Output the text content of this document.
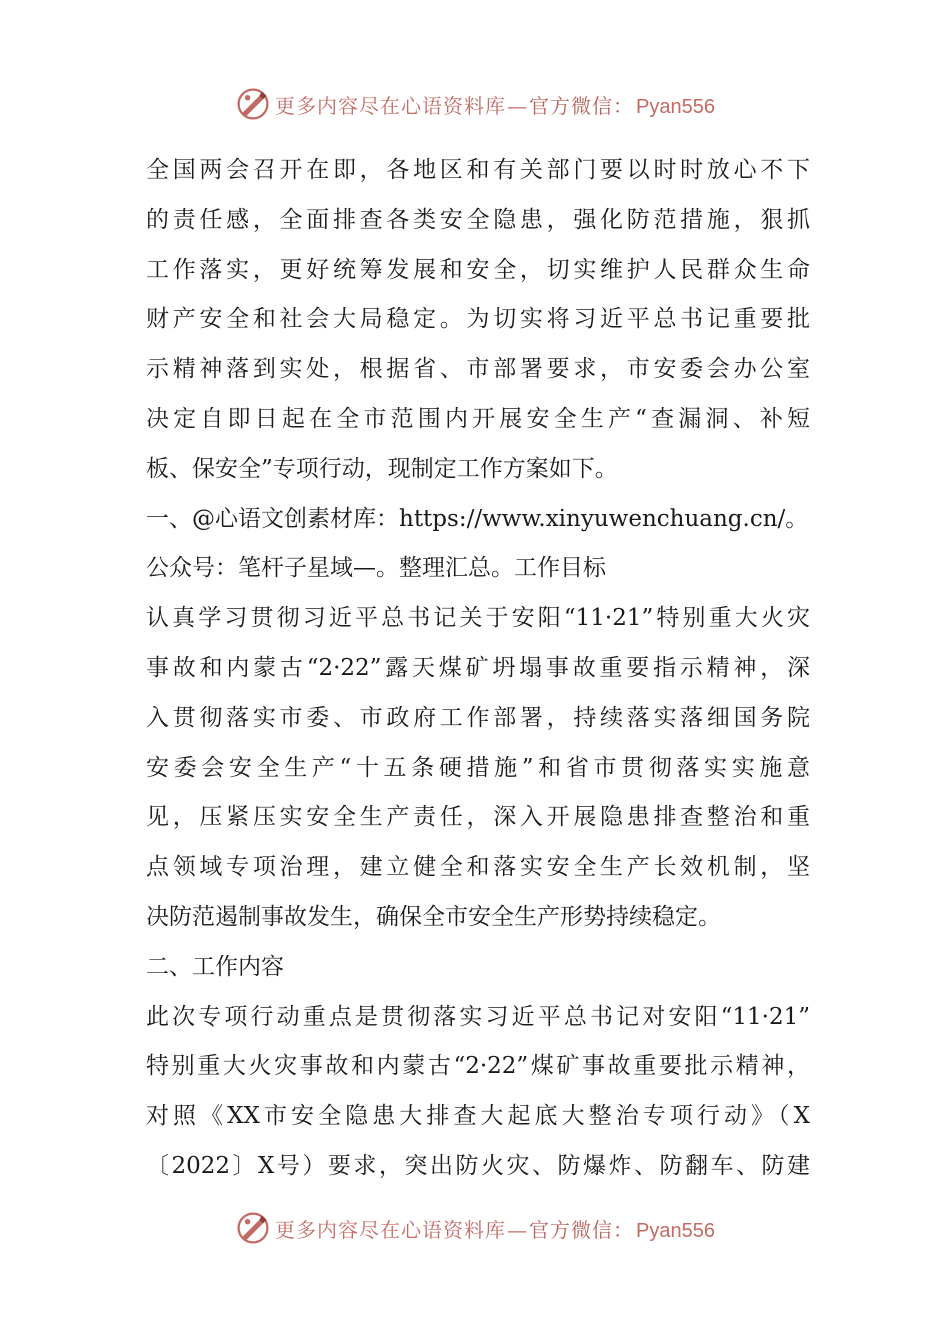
更多内容尽在心语资料库 — 官方微信： Pyan556
全国两会召开在即，各地区和有关部门要以时时放心不下
的责任感，全面排查各类安全隐患，强化防范措施，狠抓
工作落实，更好统筹发展和安全，切实维护人民群众生命
财产安全和社会大局稳定。为切实将习近平总书记重要批
示精神落到实处，根据省、市部署要求，市安委会办公室
决定自即日起在全市范围内开展安全生产“查漏洞、补短
板、保安全”专项行动，现制定工作方案如下。
一、@心语文创素材库：https://www.xinyuwenchuang.cn/。
公众号：笔杆子星域—。整理汇总。工作目标
认真学习贯彻习近平总书记关于安阳“11·21”特别重大火灾
事故和内蒙古“2·22”露天煤矿坍塌事故重要指示精神，深
入贯彻落实市委、市政府工作部署，持续落实落细国务院
安委会安全生产“十五条硬措施”和省市贯彻落实实施意
见，压紧压实安全生产责任，深入开展隐患排查整治和重
点领域专项治理，建立健全和落实安全生产长效机制，坚
决防范遏制事故发生，确保全市安全生产形势持续稳定。
二、工作内容
此次专项行动重点是贯彻落实习近平总书记对安阳“11·21”
特别重大火灾事故和内蒙古“2·22”煤矿事故重要批示精神，
对照《XX市安全隐患大排查大起底大整治专项行动》（X
〔2022〕X号）要求，突出防火灾、防爆炸、防翻车、防建
更多内容尽在心语资料库 — 官方微信： Pyan556
